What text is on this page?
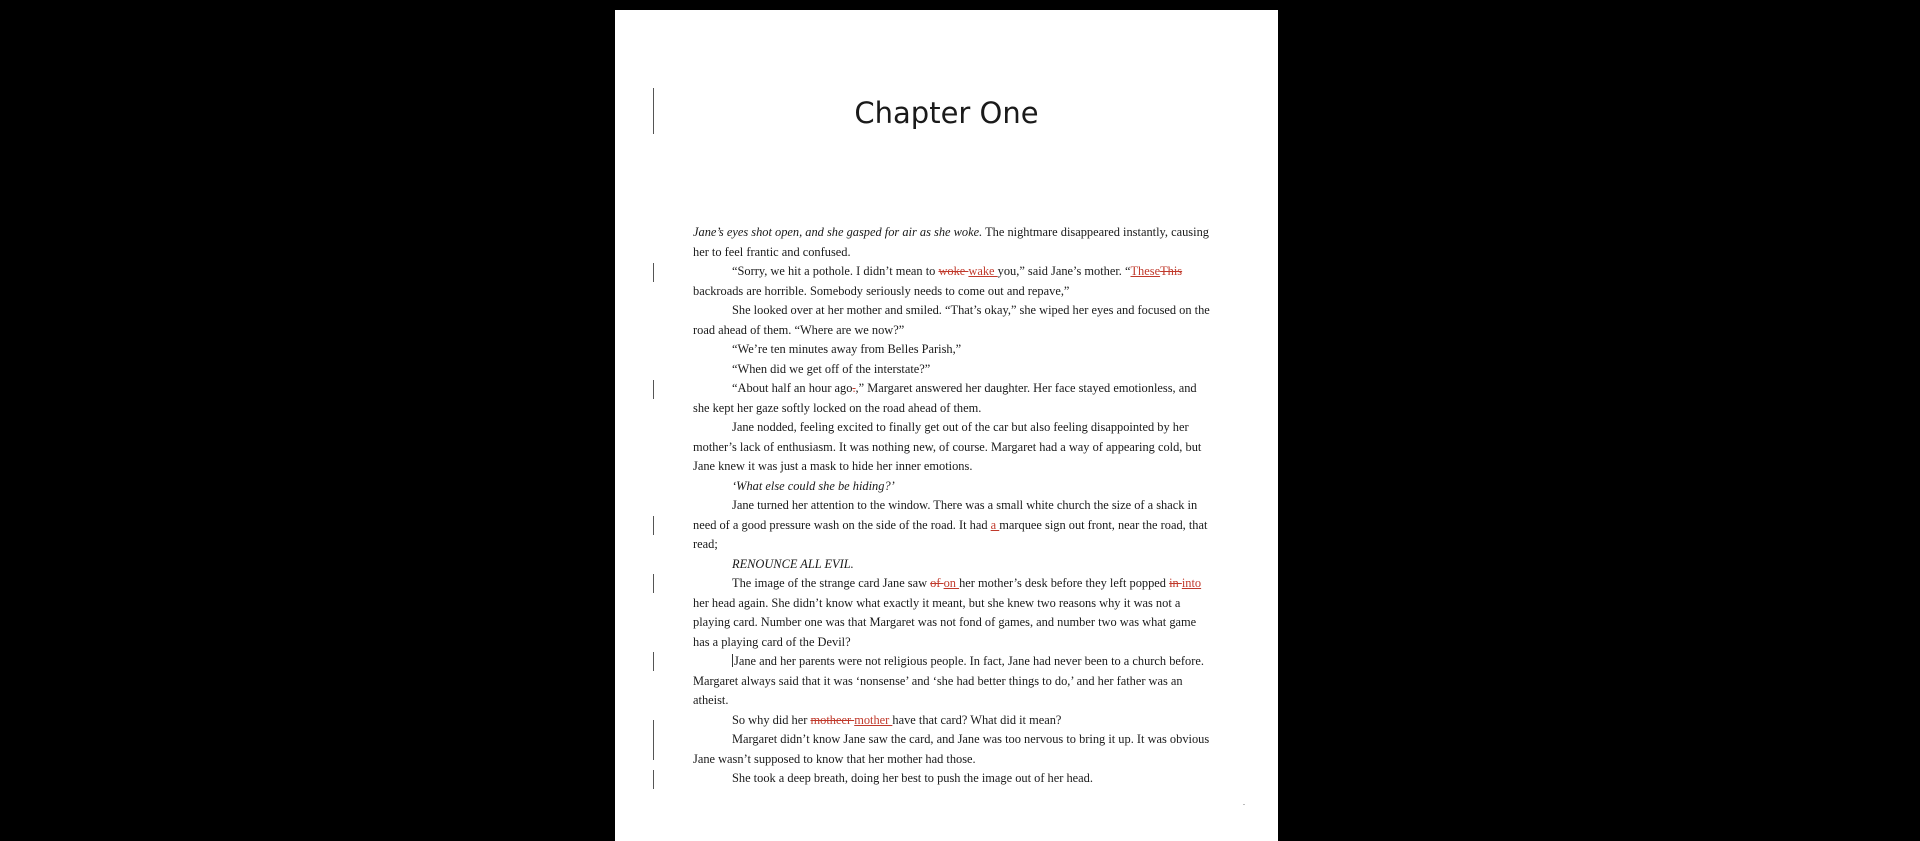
Chapter One

Jane’s eyes shot open, and she gasped for air as she woke. The nightmare disappeared instantly, causing her to feel frantic and confused.

“Sorry, we hit a pothole. I didn’t mean to woke wake you,” said Jane’s mother. “TheseThis backroads are horrible. Somebody seriously needs to come out and repave,”

She looked over at her mother and smiled. “That’s okay,” she wiped her eyes and focused on the road ahead of them. “Where are we now?”

“We’re ten minutes away from Belles Parish,”

“When did we get off of the interstate?”

“About half an hour ago.,” Margaret answered her daughter. Her face stayed emotionless, and she kept her gaze softly locked on the road ahead of them.

Jane nodded, feeling excited to finally get out of the car but also feeling disappointed by her mother’s lack of enthusiasm. It was nothing new, of course. Margaret had a way of appearing cold, but Jane knew it was just a mask to hide her inner emotions.

‘What else could she be hiding?’

Jane turned her attention to the window. There was a small white church the size of a shack in need of a good pressure wash on the side of the road. It had a marquee sign out front, near the road, that read;

RENOUNCE ALL EVIL.

The image of the strange card Jane saw of on her mother’s desk before they left popped in into her head again. She didn’t know what exactly it meant, but she knew two reasons why it was not a playing card. Number one was that Margaret was not fond of games, and number two was what game has a playing card of the Devil?

Jane and her parents were not religious people. In fact, Jane had never been to a church before. Margaret always said that it was ‘nonsense’ and ‘she had better things to do,’ and her father was an atheist.

So why did her motheer mother have that card? What did it mean?

Margaret didn’t know Jane saw the card, and Jane was too nervous to bring it up. It was obvious Jane wasn’t supposed to know that her mother had those.

She took a deep breath, doing her best to push the image out of her head.
